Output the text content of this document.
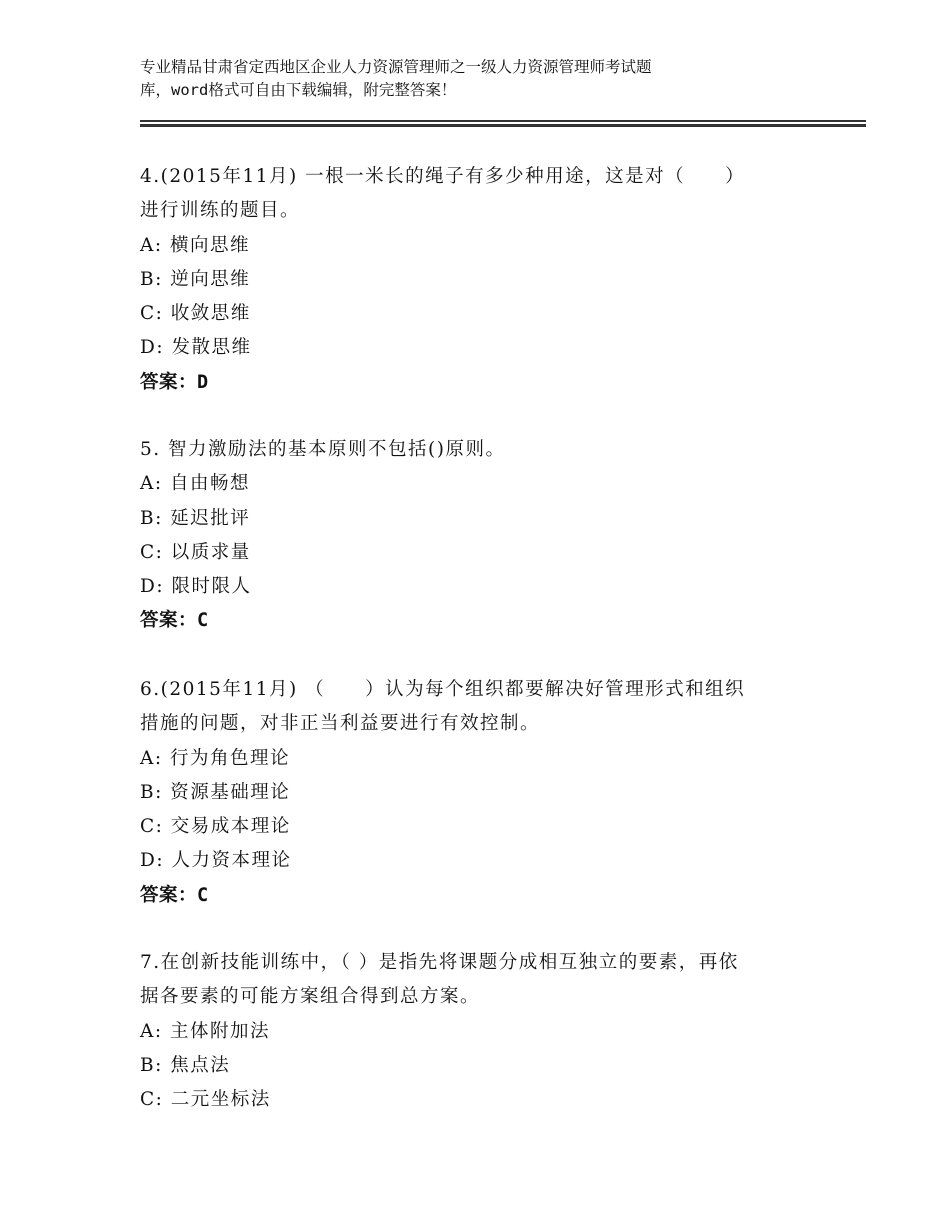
专业精品甘肃省定西地区企业人力资源管理师之一级人力资源管理师考试题
库，word格式可自由下载编辑，附完整答案！
4.(2015年11月) 一根一米长的绳子有多少种用途，这是对（　　）
进行训练的题目。
A: 横向思维
B: 逆向思维
C: 收敛思维
D: 发散思维
答案：D
5. 智力激励法的基本原则不包括()原则。
A: 自由畅想
B: 延迟批评
C: 以质求量
D: 限时限人
答案：C
6.(2015年11月) （　　）认为每个组织都要解决好管理形式和组织
措施的问题，对非正当利益要进行有效控制。
A: 行为角色理论
B: 资源基础理论
C: 交易成本理论
D: 人力资本理论
答案：C
7.在创新技能训练中，（ ）是指先将课题分成相互独立的要素，再依
据各要素的可能方案组合得到总方案。
A: 主体附加法
B: 焦点法
C: 二元坐标法
